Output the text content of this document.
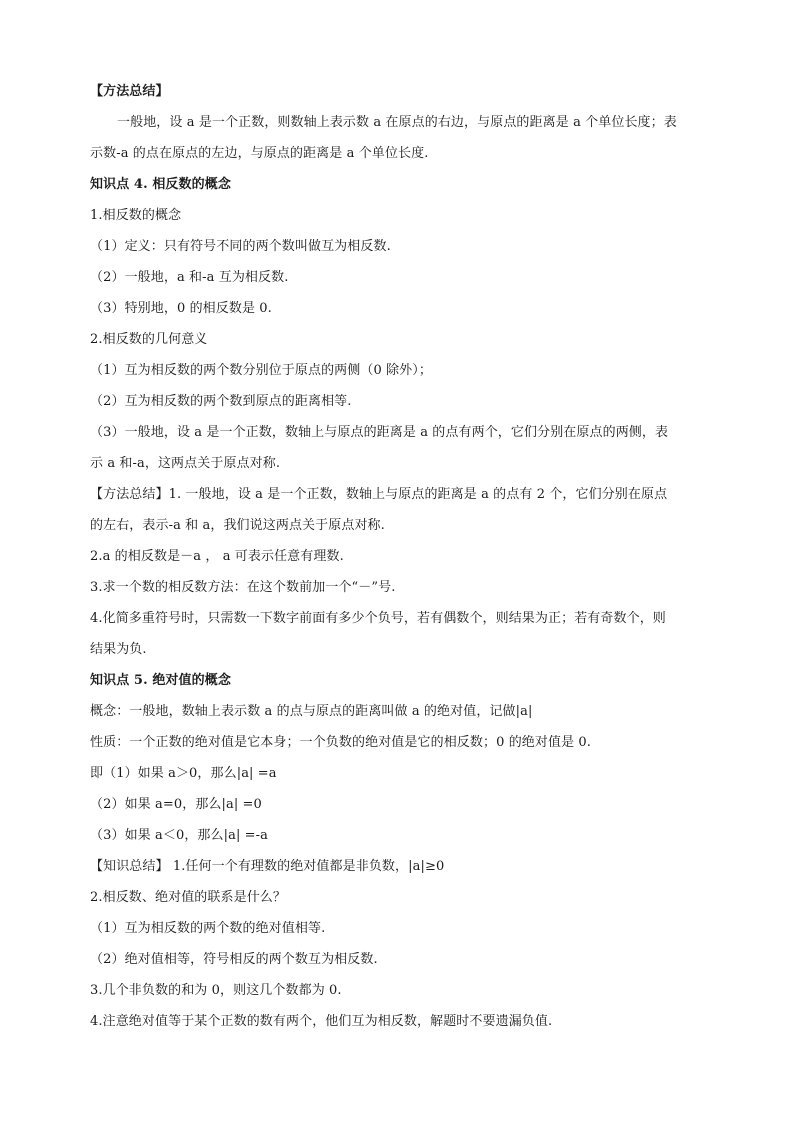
【方法总结】
一般地，设 a 是一个正数，则数轴上表示数 a 在原点的右边，与原点的距离是 a 个单位长度；表
示数-a 的点在原点的左边，与原点的距离是 a 个单位长度.
知识点 4. 相反数的概念
1.相反数的概念
（1）定义：只有符号不同的两个数叫做互为相反数.
（2）一般地，a 和-a 互为相反数.
（3）特别地，0 的相反数是 0.
2.相反数的几何意义
（1）互为相反数的两个数分别位于原点的两侧（0 除外）；
（2）互为相反数的两个数到原点的距离相等.
（3）一般地，设 a 是一个正数，数轴上与原点的距离是 a 的点有两个，它们分别在原点的两侧，表
示 a 和-a，这两点关于原点对称.
【方法总结】1. 一般地，设 a 是一个正数，数轴上与原点的距离是 a 的点有 2 个，它们分别在原点
的左右，表示-a 和 a，我们说这两点关于原点对称.
2.a 的相反数是－a ， a 可表示任意有理数.
3.求一个数的相反数方法：在这个数前加一个“－”号.
4.化简多重符号时，只需数一下数字前面有多少个负号，若有偶数个，则结果为正；若有奇数个，则
结果为负.
知识点 5. 绝对值的概念
概念：一般地，数轴上表示数 a 的点与原点的距离叫做 a 的绝对值，记做|a|
性质：一个正数的绝对值是它本身；一个负数的绝对值是它的相反数；0 的绝对值是 0.
即（1）如果 a＞0，那么|a| =a
（2）如果 a=0，那么|a| =0
（3）如果 a＜0，那么|a| =-a
【知识总结】 1.任何一个有理数的绝对值都是非负数，|a|≥0
2.相反数、绝对值的联系是什么？
（1）互为相反数的两个数的绝对值相等.
（2）绝对值相等，符号相反的两个数互为相反数.
3.几个非负数的和为 0，则这几个数都为 0.
4.注意绝对值等于某个正数的数有两个，他们互为相反数，解题时不要遗漏负值.
